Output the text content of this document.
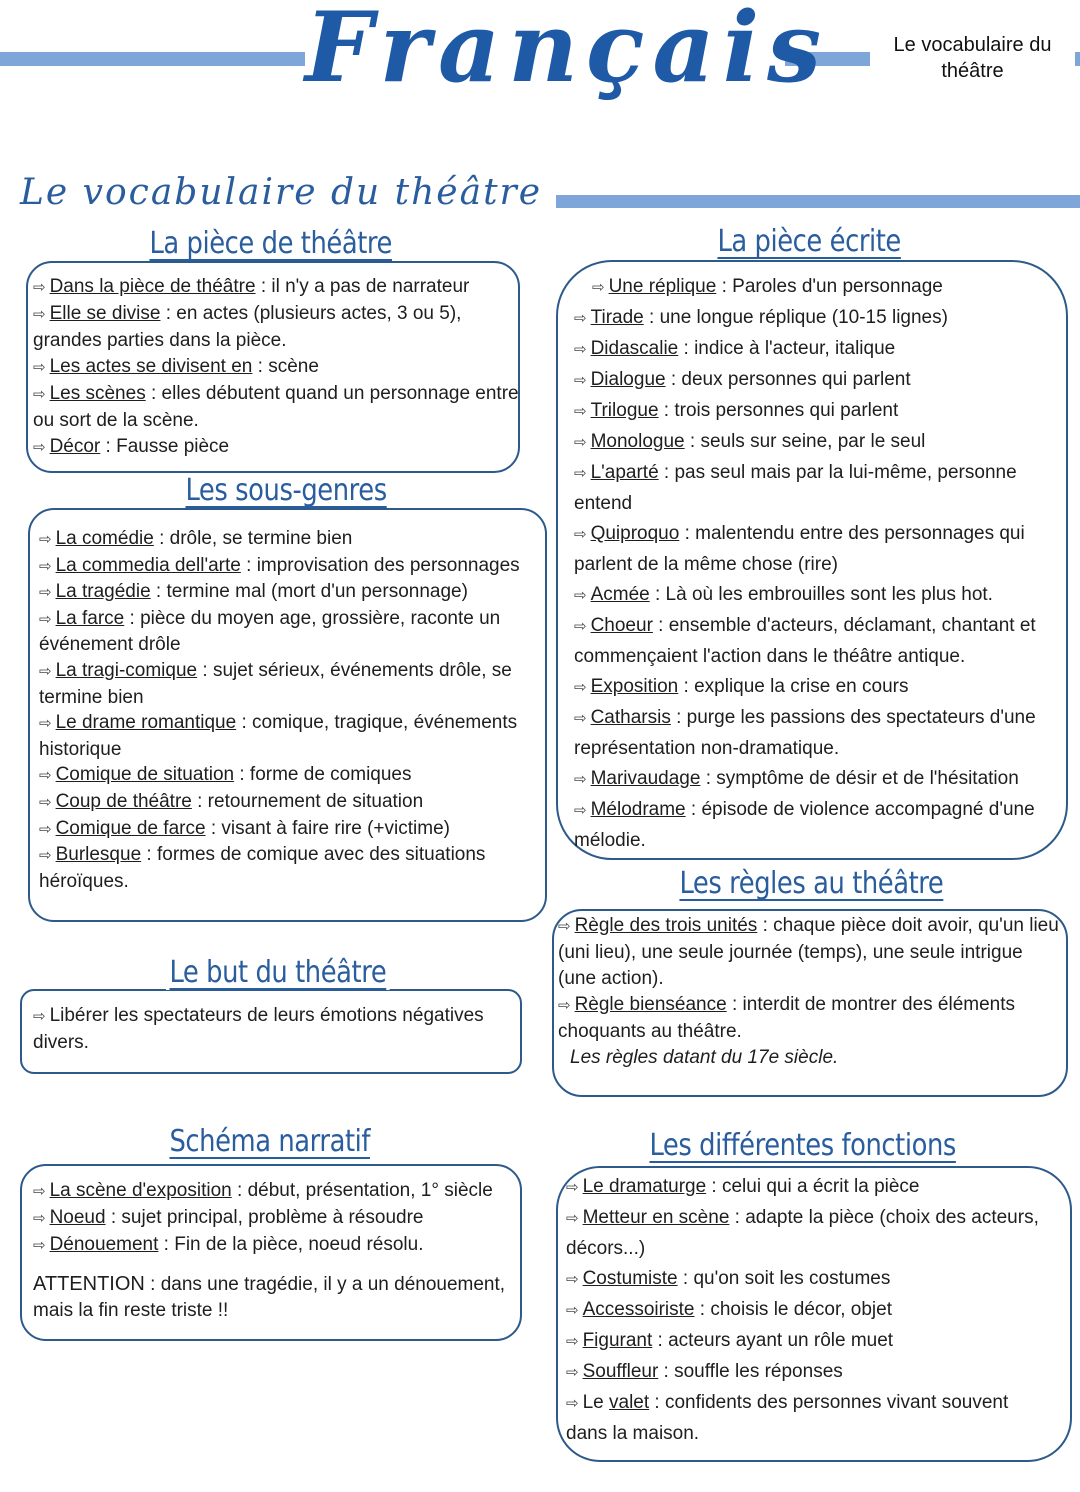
Français	Le vocabulaire du théâtre
Le vocabulaire du théâtre
La pièce de théâtre
⇨ Dans la pièce de théâtre : il n'y a pas de narrateur
⇨ Elle se divise : en actes (plusieurs actes, 3 ou 5), grandes parties dans la pièce.
⇨ Les actes se divisent en : scène
⇨ Les scènes : elles débutent quand un personnage entre ou sort de la scène.
⇨ Décor : Fausse pièce
Les sous-genres
⇨ La comédie : drôle, se termine bien
⇨ La commedia dell'arte : improvisation des personnages
⇨ La tragédie : termine mal (mort d'un personnage)
⇨ La farce : pièce du moyen age, grossière, raconte un événement drôle
⇨ La tragi-comique : sujet sérieux, événements drôle, se termine bien
⇨ Le drame romantique : comique, tragique, événements historique
⇨ Comique de situation : forme de comiques
⇨ Coup de théâtre : retournement de situation
⇨ Comique de farce : visant à faire rire (+victime)
⇨ Burlesque : formes de comique avec des situations héroïques.
Le but du théâtre
⇨ Libérer les spectateurs de leurs émotions négatives divers.
Schéma narratif
⇨ La scène d'exposition : début, présentation, 1° siècle
⇨ Noeud : sujet principal, problème à résoudre
⇨ Dénouement : Fin de la pièce, noeud résolu.
ATTENTION : dans une tragédie, il y a un dénouement, mais la fin reste triste !!
La pièce écrite
⇨ Une réplique : Paroles d'un personnage
⇨ Tirade : une longue réplique (10-15 lignes)
⇨ Didascalie : indice à l'acteur, italique
⇨ Dialogue : deux personnes qui parlent
⇨ Trilogue : trois personnes qui parlent
⇨ Monologue : seuls sur seine, par le seul
⇨ L'aparté : pas seul mais par la lui-même, personne entend
⇨ Quiproquo : malentendu entre des personnages qui parlent de la même chose (rire)
⇨ Acmée : Là où les embrouilles sont les plus hot.
⇨ Choeur : ensemble d'acteurs, déclamant, chantant et commençaient l'action dans le théâtre antique.
⇨ Exposition : explique la crise en cours
⇨ Catharsis : purge les passions des spectateurs d'une représentation non-dramatique.
⇨ Marivaudage : symptôme de désir et de l'hésitation
⇨ Mélodrame : épisode de violence accompagné d'une mélodie.
Les règles au théâtre
⇨ Règle des trois unités : chaque pièce doit avoir, qu'un lieu (uni lieu), une seule journée (temps), une seule intrigue (une action).
⇨ Règle bienséance : interdit de montrer des éléments choquants au théâtre.
Les règles datant du 17e siècle.
Les différentes fonctions
⇨ Le dramaturge : celui qui a écrit la pièce
⇨ Metteur en scène : adapte la pièce (choix des acteurs, décors...)
⇨ Costumiste : qu'on soit les costumes
⇨ Accessoiriste : choisis le décor, objet
⇨ Figurant : acteurs ayant un rôle muet
⇨ Souffleur : souffle les réponses
⇨ Le valet : confidents des personnes vivant souvent dans la maison.
